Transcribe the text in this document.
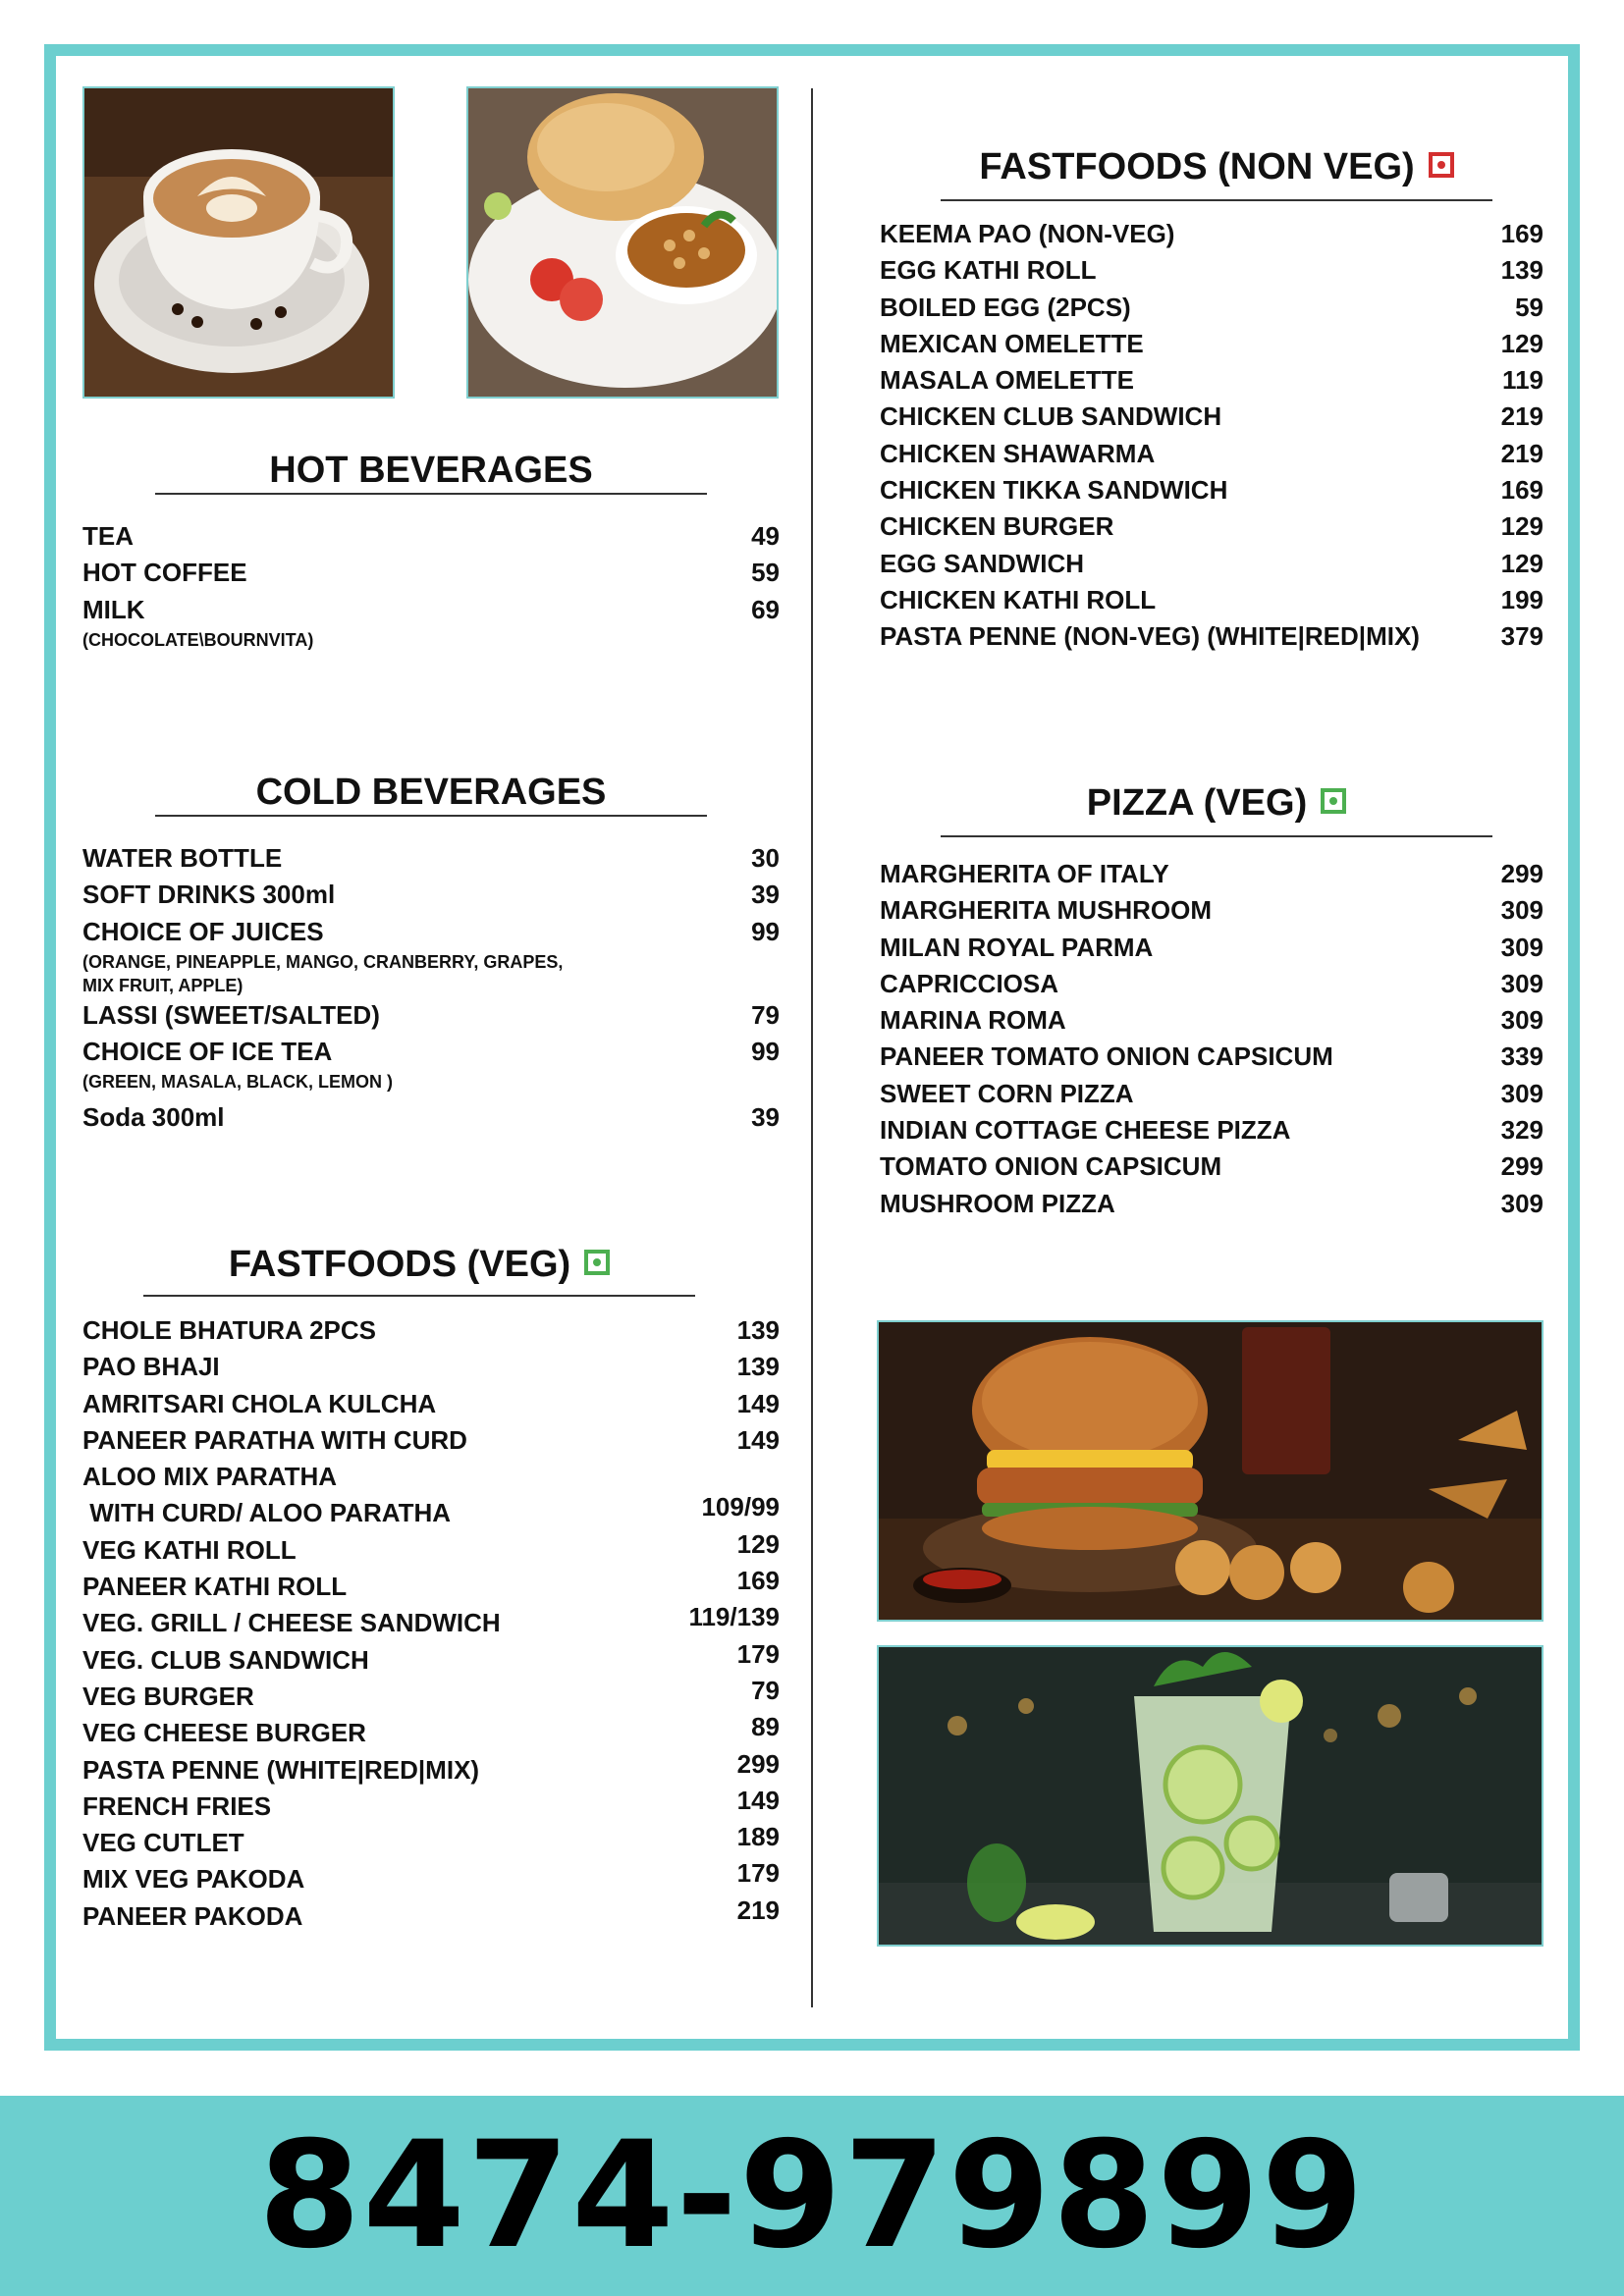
HOT BEVERAGES
TEA	49
HOT COFFEE	59
MILK	69
(CHOCOLATE\BOURNVITA)
COLD BEVERAGES
WATER BOTTLE	30
SOFT DRINKS 300ml	39
CHOICE OF JUICES	99
(ORANGE, PINEAPPLE, MANGO, CRANBERRY, GRAPES,
MIX FRUIT, APPLE)
LASSI (SWEET/SALTED)	79
CHOICE OF ICE TEA	99
(GREEN, MASALA, BLACK, LEMON )
Soda 300ml	39
FASTFOODS (VEG)
CHOLE BHATURA 2PCS	139
PAO BHAJI	139
AMRITSARI CHOLA KULCHA	149
PANEER PARATHA WITH CURD	149
ALOO MIX PARATHA
WITH CURD/ ALOO PARATHA	109/99
VEG KATHI ROLL	129
PANEER KATHI ROLL	169
VEG. GRILL / CHEESE SANDWICH	119/139
VEG. CLUB SANDWICH	179
VEG BURGER	79
VEG CHEESE BURGER	89
PASTA PENNE (WHITE|RED|MIX)	299
FRENCH FRIES	149
VEG CUTLET	189
MIX VEG PAKODA	179
PANEER PAKODA	219
FASTFOODS (NON VEG)
KEEMA PAO (NON-VEG)	169
EGG KATHI ROLL	139
BOILED EGG (2PCS)	59
MEXICAN OMELETTE	129
MASALA OMELETTE	119
CHICKEN CLUB SANDWICH	219
CHICKEN SHAWARMA	219
CHICKEN TIKKA SANDWICH	169
CHICKEN BURGER	129
EGG SANDWICH	129
CHICKEN KATHI ROLL	199
PASTA PENNE (NON-VEG) (WHITE|RED|MIX)	379
PIZZA (VEG)
MARGHERITA OF ITALY	299
MARGHERITA MUSHROOM	309
MILAN ROYAL PARMA	309
CAPRICCIOSA	309
MARINA ROMA	309
PANEER TOMATO ONION CAPSICUM	339
SWEET CORN PIZZA	309
INDIAN COTTAGE CHEESE PIZZA	329
TOMATO ONION CAPSICUM	299
MUSHROOM PIZZA	309
8474-979899
